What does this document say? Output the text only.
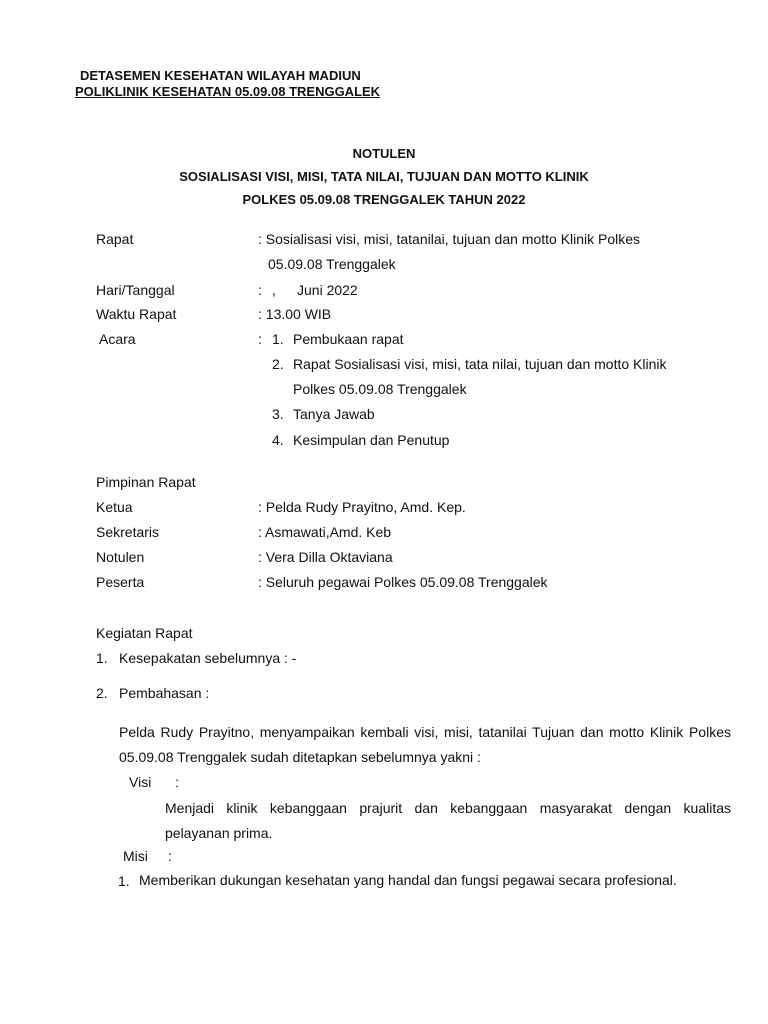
DETASEMEN KESEHATAN WILAYAH MADIUN
POLIKLINIK KESEHATAN 05.09.08 TRENGGALEK
NOTULEN
SOSIALISASI VISI, MISI, TATA NILAI, TUJUAN DAN MOTTO KLINIK
POLKES 05.09.08 TRENGGALEK TAHUN 2022
Rapat	: Sosialisasi visi, misi, tatanilai, tujuan dan motto Klinik Polkes
05.09.08 Trenggalek
Hari/Tanggal	: , Juni 2022
Waktu Rapat	: 13.00 WIB
Acara	: 1. Pembukaan rapat
2. Rapat Sosialisasi visi, misi, tata nilai, tujuan dan motto Klinik
Polkes 05.09.08 Trenggalek
3. Tanya Jawab
4. Kesimpulan dan Penutup
Pimpinan Rapat
Ketua	: Pelda Rudy Prayitno, Amd. Kep.
Sekretaris	: Asmawati,Amd. Keb
Notulen	: Vera Dilla Oktaviana
Peserta	: Seluruh pegawai Polkes 05.09.08 Trenggalek
Kegiatan Rapat
1. Kesepakatan sebelumnya : -
2. Pembahasan :
Pelda Rudy Prayitno, menyampaikan kembali visi, misi, tatanilai Tujuan dan motto Klinik Polkes 05.09.08 Trenggalek sudah ditetapkan sebelumnya yakni :
Visi :
Menjadi klinik kebanggaan prajurit dan kebanggaan masyarakat dengan kualitas pelayanan prima.
Misi :
1. Memberikan dukungan kesehatan yang handal dan fungsi pegawai secara profesional.
